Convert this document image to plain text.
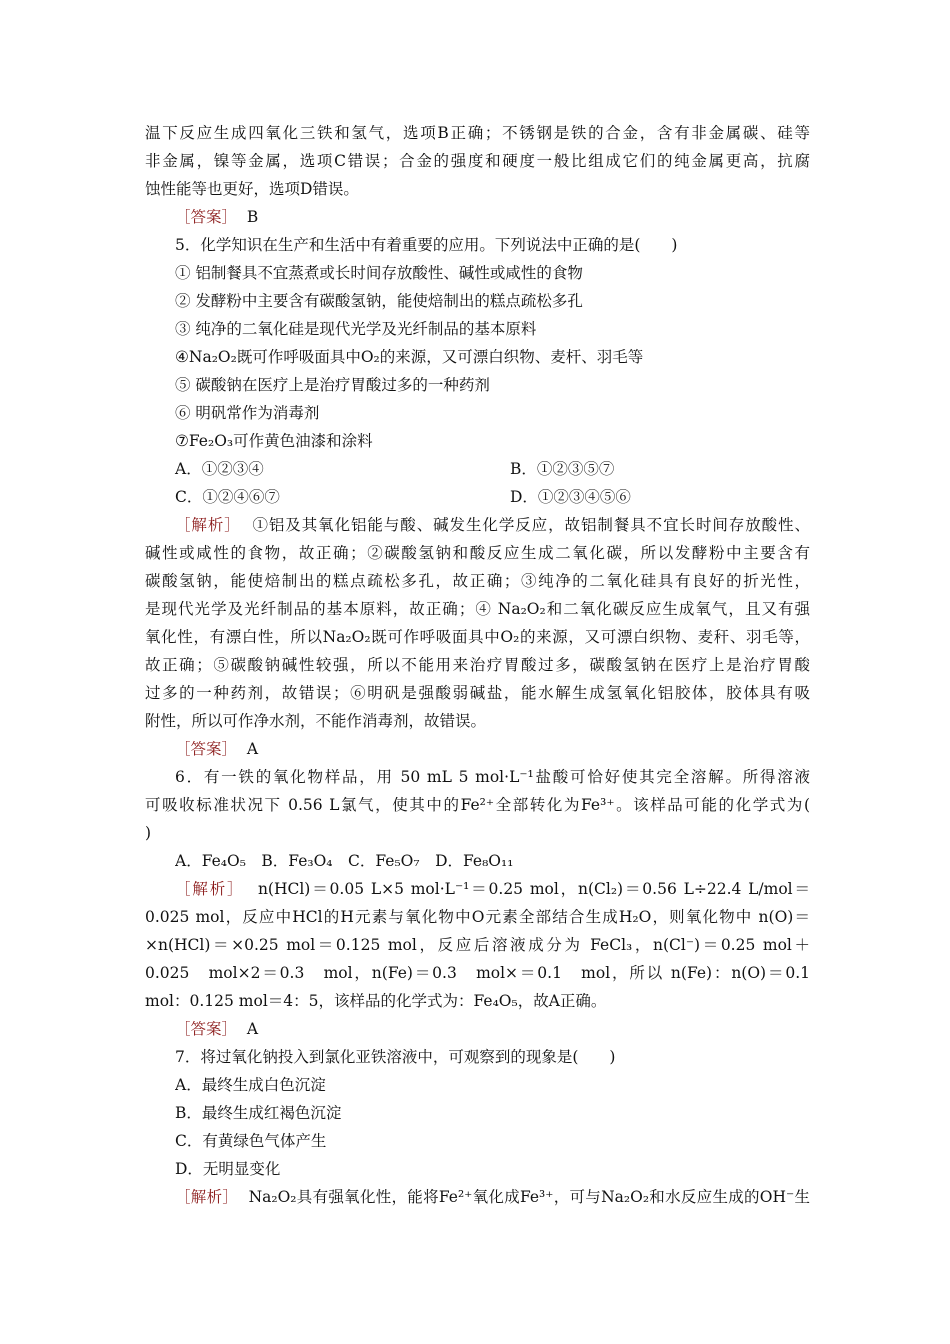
温下反应生成四氧化三铁和氢气，选项B正确；不锈钢是铁的合金，含有非金属碳、硅等
非金属，镍等金属，选项C错误；合金的强度和硬度一般比组成它们的纯金属更高，抗腐
蚀性能等也更好，选项D错误。
［答案］ B
5．化学知识在生产和生活中有着重要的应用。下列说法中正确的是(　　)
① 铝制餐具不宜蒸煮或长时间存放酸性、碱性或咸性的食物
② 发酵粉中主要含有碳酸氢钠，能使焙制出的糕点疏松多孔
③ 纯净的二氧化硅是现代光学及光纤制品的基本原料
④Na₂O₂既可作呼吸面具中O₂的来源，又可漂白织物、麦杆、羽毛等
⑤ 碳酸钠在医疗上是治疗胃酸过多的一种药剂
⑥ 明矾常作为消毒剂
⑦Fe₂O₃可作黄色油漆和涂料
A．①②③④	B．①②③⑤⑦
C．①②④⑥⑦	D．①②③④⑤⑥
［解析］ ①铝及其氧化铝能与酸、碱发生化学反应，故铝制餐具不宜长时间存放酸性、
碱性或咸性的食物，故正确；②碳酸氢钠和酸反应生成二氧化碳，所以发酵粉中主要含有
碳酸氢钠，能使焙制出的糕点疏松多孔，故正确；③纯净的二氧化硅具有良好的折光性，
是现代光学及光纤制品的基本原料，故正确；④ Na₂O₂和二氧化碳反应生成氧气，且又有强
氧化性，有漂白性，所以Na₂O₂既可作呼吸面具中O₂的来源，又可漂白织物、麦秆、羽毛等，
故正确；⑤碳酸钠碱性较强，所以不能用来治疗胃酸过多，碳酸氢钠在医疗上是治疗胃酸
过多的一种药剂，故错误；⑥明矾是强酸弱碱盐，能水解生成氢氧化铝胶体，胶体具有吸
附性，所以可作净水剂，不能作消毒剂，故错误。
［答案］ A
6．有一铁的氧化物样品，用 50 mL 5 mol·L⁻¹盐酸可恰好使其完全溶解。所得溶液
可吸收标准状况下 0.56 L氯气，使其中的Fe²⁺全部转化为Fe³⁺。该样品可能的化学式为(
)
A．Fe₄O₅　B．Fe₃O₄　C．Fe₅O₇　D．Fe₈O₁₁
［解析］ n(HCl)＝0.05 L×5 mol·L⁻¹＝0.25 mol，n(Cl₂)＝0.56 L÷22.4 L/mol＝
0.025 mol，反应中HCl的H元素与氧化物中O元素全部结合生成H₂O，则氧化物中 n(O)＝
×n(HCl)＝×0.25 mol＝0.125 mol，反应后溶液成分为 FeCl₃，n(Cl⁻)＝0.25 mol＋
0.025　mol×2＝0.3　mol，n(Fe)＝0.3　mol×＝0.1　mol，所以 n(Fe)：n(O)＝0.1
mol：0.125 mol＝4：5，该样品的化学式为：Fe₄O₅，故A正确。
［答案］ A
7．将过氧化钠投入到氯化亚铁溶液中，可观察到的现象是(　　)
A．最终生成白色沉淀
B．最终生成红褐色沉淀
C．有黄绿色气体产生
D．无明显变化
［解析］ Na₂O₂具有强氧化性，能将Fe²⁺氧化成Fe³⁺，可与Na₂O₂和水反应生成的OH⁻生
